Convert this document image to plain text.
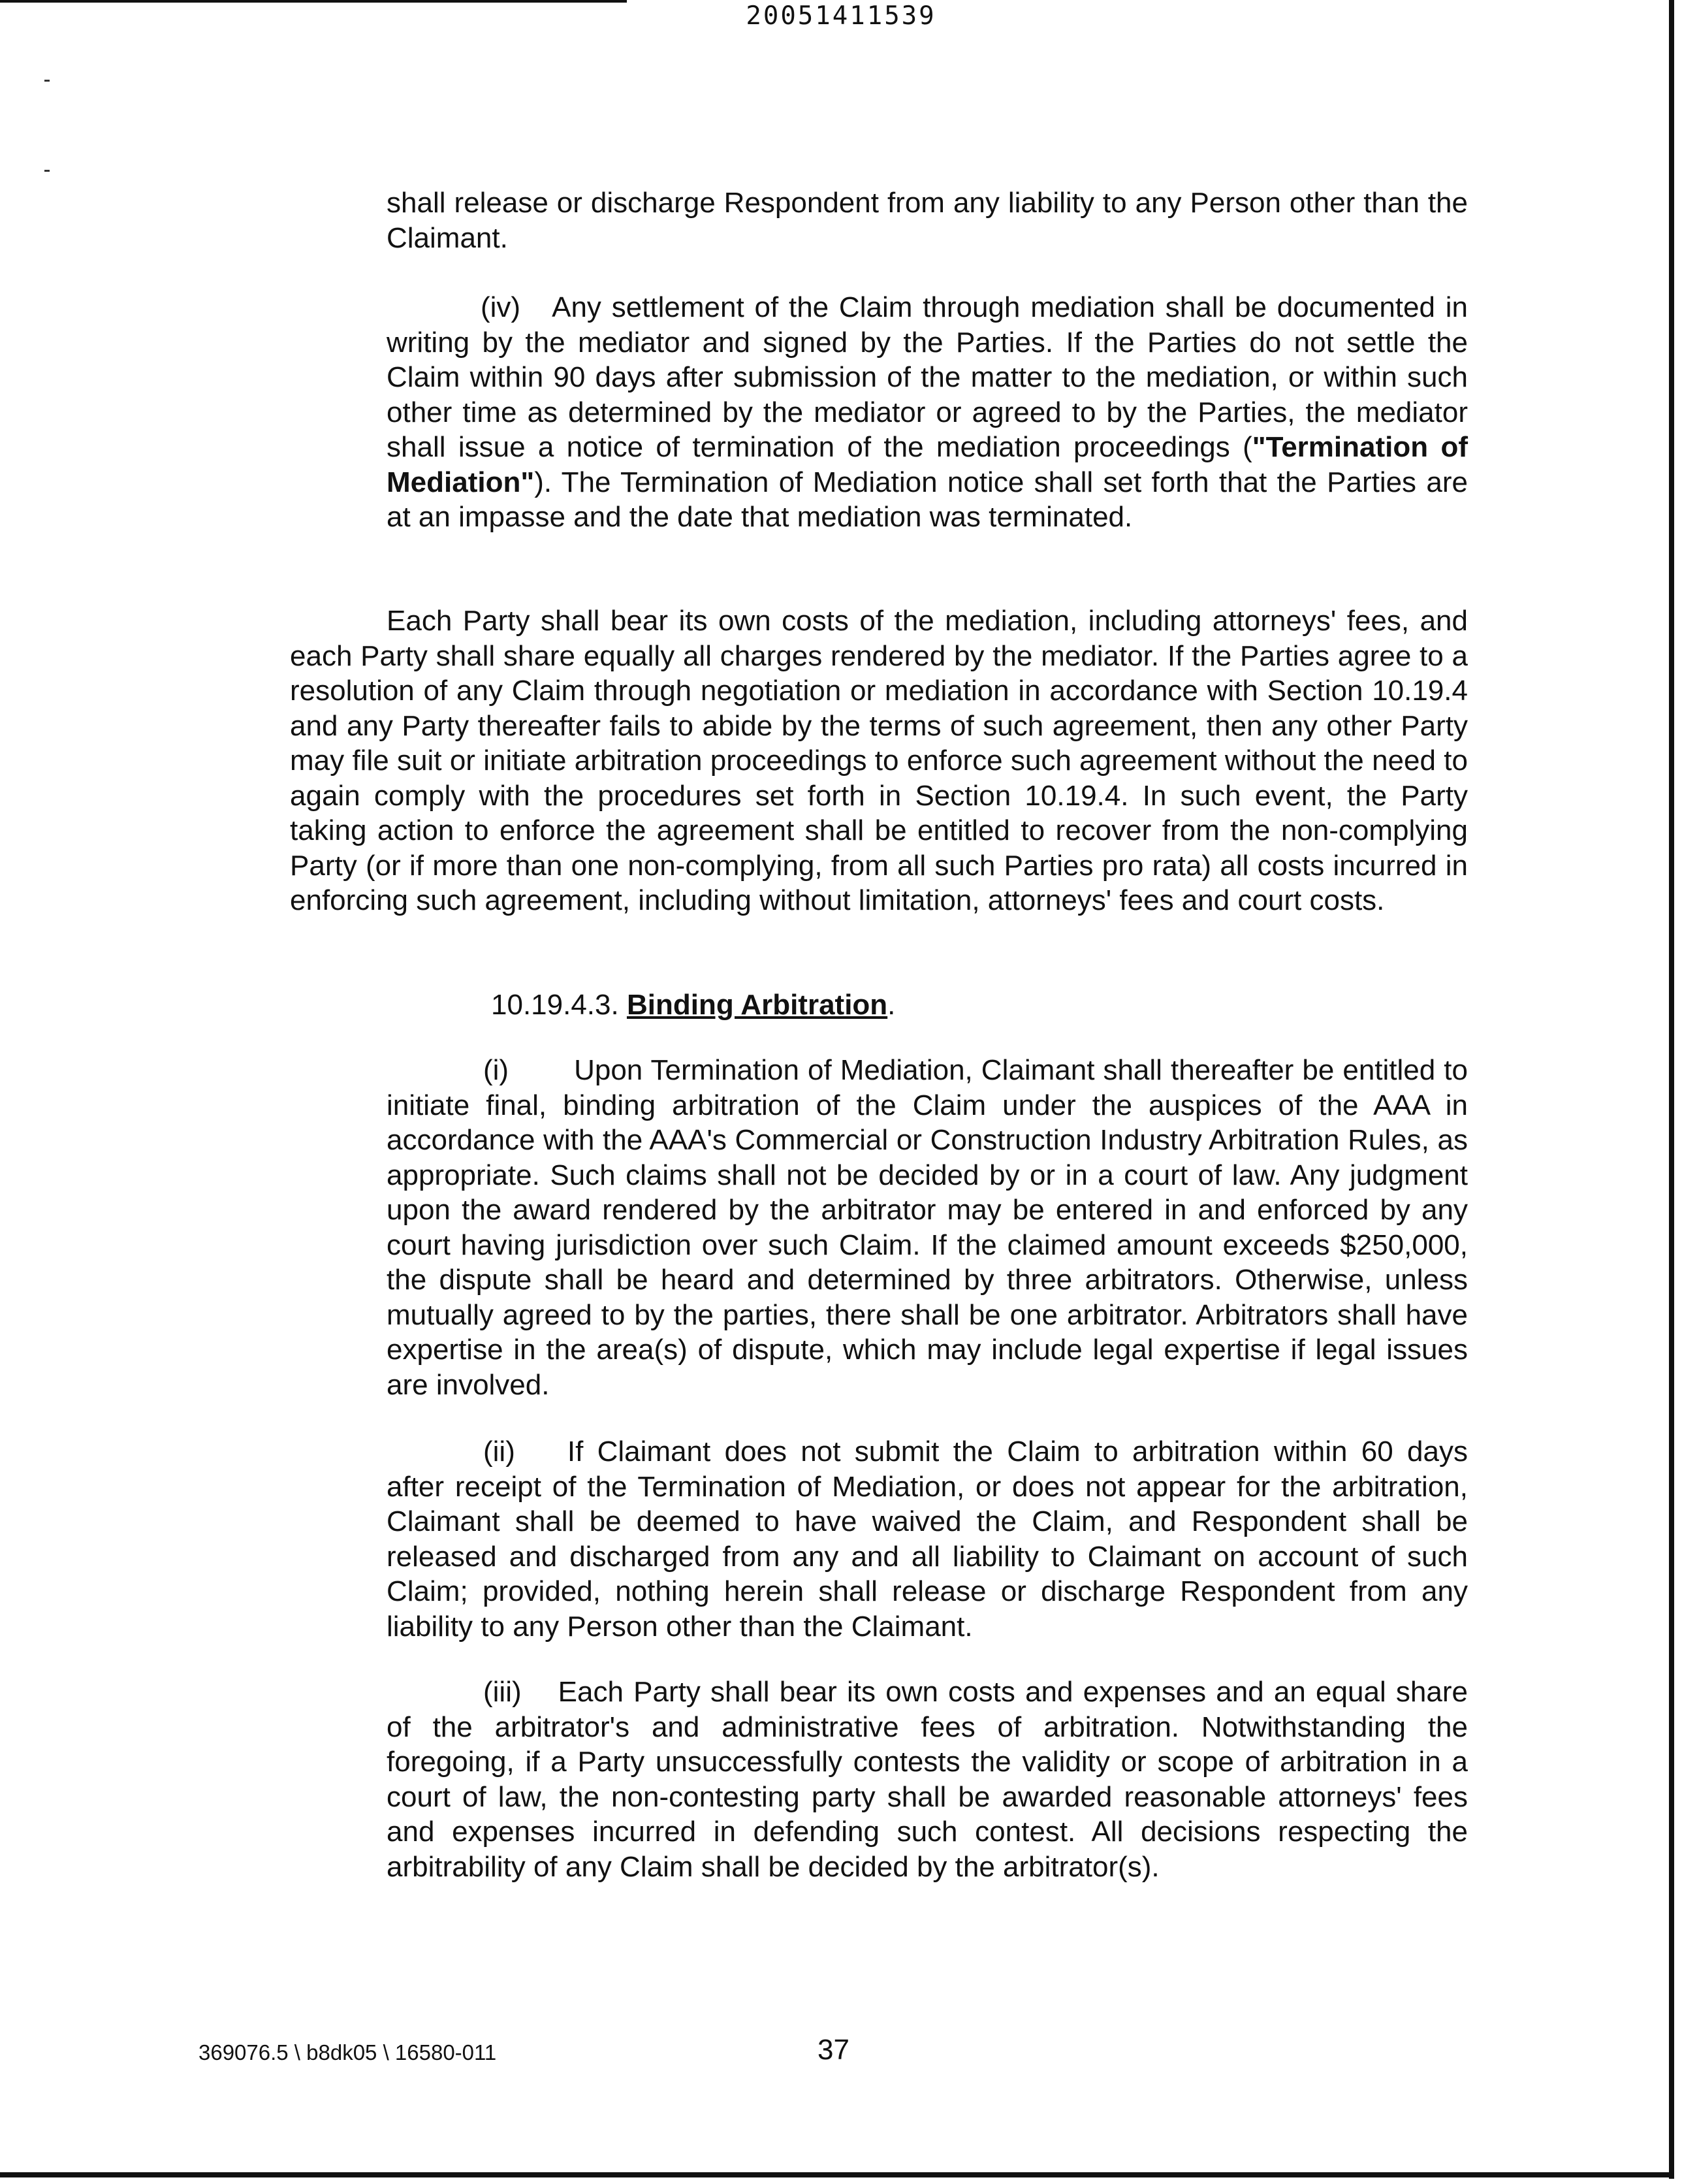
20051411539

shall release or discharge Respondent from any liability to any Person other than the Claimant.

(iv) Any settlement of the Claim through mediation shall be documented in writing by the mediator and signed by the Parties. If the Parties do not settle the Claim within 90 days after submission of the matter to the mediation, or within such other time as determined by the mediator or agreed to by the Parties, the mediator shall issue a notice of termination of the mediation proceedings ("Termination of Mediation"). The Termination of Mediation notice shall set forth that the Parties are at an impasse and the date that mediation was terminated.

Each Party shall bear its own costs of the mediation, including attorneys' fees, and each Party shall share equally all charges rendered by the mediator. If the Parties agree to a resolution of any Claim through negotiation or mediation in accordance with Section 10.19.4 and any Party thereafter fails to abide by the terms of such agreement, then any other Party may file suit or initiate arbitration proceedings to enforce such agreement without the need to again comply with the procedures set forth in Section 10.19.4. In such event, the Party taking action to enforce the agreement shall be entitled to recover from the non-complying Party (or if more than one non-complying, from all such Parties pro rata) all costs incurred in enforcing such agreement, including without limitation, attorneys' fees and court costs.

10.19.4.3. Binding Arbitration.

(i) Upon Termination of Mediation, Claimant shall thereafter be entitled to initiate final, binding arbitration of the Claim under the auspices of the AAA in accordance with the AAA's Commercial or Construction Industry Arbitration Rules, as appropriate. Such claims shall not be decided by or in a court of law. Any judgment upon the award rendered by the arbitrator may be entered in and enforced by any court having jurisdiction over such Claim. If the claimed amount exceeds $250,000, the dispute shall be heard and determined by three arbitrators. Otherwise, unless mutually agreed to by the parties, there shall be one arbitrator. Arbitrators shall have expertise in the area(s) of dispute, which may include legal expertise if legal issues are involved.

(ii) If Claimant does not submit the Claim to arbitration within 60 days after receipt of the Termination of Mediation, or does not appear for the arbitration, Claimant shall be deemed to have waived the Claim, and Respondent shall be released and discharged from any and all liability to Claimant on account of such Claim; provided, nothing herein shall release or discharge Respondent from any liability to any Person other than the Claimant.

(iii) Each Party shall bear its own costs and expenses and an equal share of the arbitrator's and administrative fees of arbitration. Notwithstanding the foregoing, if a Party unsuccessfully contests the validity or scope of arbitration in a court of law, the non-contesting party shall be awarded reasonable attorneys' fees and expenses incurred in defending such contest. All decisions respecting the arbitrability of any Claim shall be decided by the arbitrator(s).

369076.5 \ b8dk05 \ 16580-011	37
